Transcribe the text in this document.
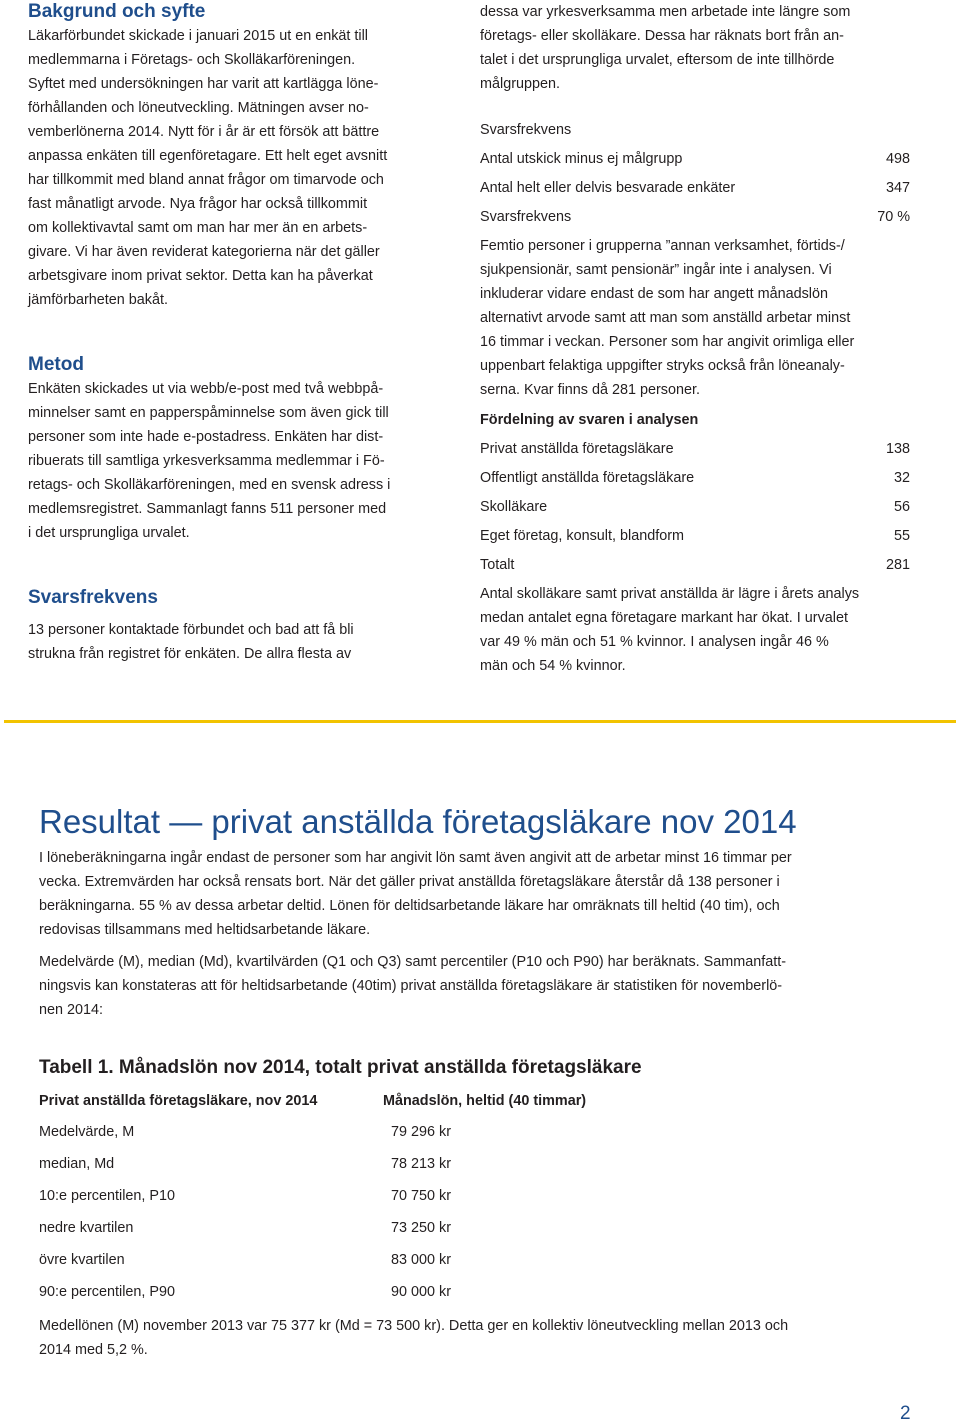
Bakgrund och syfte

Läkarförbundet skickade i januari 2015 ut en enkät till

medlemmarna i Företags- och Skolläkarföreningen.

Syftet med undersökningen har varit att kartlägga löne-

förhållanden och löneutveckling. Mätningen avser no-

vemberlönerna 2014. Nytt för i år är ett försök att bättre

anpassa enkäten till egenföretagare. Ett helt eget avsnitt

har tillkommit med bland annat frågor om timarvode och

fast månatligt arvode. Nya frågor har också tillkommit

om kollektivavtal samt om man har mer än en arbets-

givare. Vi har även reviderat kategorierna när det gäller

arbetsgivare inom privat sektor. Detta kan ha påverkat

jämförbarheten bakåt.

Metod

Enkäten skickades ut via webb/e-post med två webbpå-

minnelser samt en papperspåminnelse som även gick till

personer som inte hade e-postadress. Enkäten har dist-

ribuerats till samtliga yrkesverksamma medlemmar i Fö-

retags- och Skolläkarföreningen, med en svensk adress i

medlemsregistret. Sammanlagt fanns 511 personer med

i det ursprungliga urvalet.

Svarsfrekvens

13 personer kontaktade förbundet och bad att få bli

strukna från registret för enkäten. De allra flesta av

dessa var yrkesverksamma men arbetade inte längre som

företags- eller skolläkare. Dessa har räknats bort från an-

talet i det ursprungliga urvalet, eftersom de inte tillhörde

målgruppen.

Svarsfrekvens

Antal utskick minus ej målgrupp	498
Antal helt eller delvis besvarade enkäter	347
Svarsfrekvens	70 %

Femtio personer i grupperna ”annan verksamhet, förtids-/

sjukpensionär, samt pensionär” ingår inte i analysen. Vi

inkluderar vidare endast de som har angett månadslön

alternativt arvode samt att man som anställd arbetar minst

16 timmar i veckan. Personer som har angivit orimliga eller

uppenbart felaktiga uppgifter stryks också från löneanaly-

serna. Kvar finns då 281 personer.

Fördelning av svaren i analysen

Privat anställda företagsläkare	138
Offentligt anställda företagsläkare	32
Skolläkare	56
Eget företag, konsult, blandform	55
Totalt	281

Antal skolläkare samt privat anställda är lägre i årets analys

medan antalet egna företagare markant har ökat. I urvalet

var 49 % män och 51 % kvinnor. I analysen ingår 46 %

män och 54 % kvinnor.

Resultat — privat anställda företagsläkare nov 2014

I löneberäkningarna ingår endast de personer som har angivit lön samt även angivit att de arbetar minst 16 timmar per

vecka. Extremvärden har också rensats bort. När det gäller privat anställda företagsläkare återstår då 138 personer i

beräkningarna. 55 % av dessa arbetar deltid. Lönen för deltidsarbetande läkare har omräknats till heltid (40 tim), och

redovisas tillsammans med heltidsarbetande läkare.

Medelvärde (M), median (Md), kvartilvärden (Q1 och Q3) samt percentiler (P10 och P90) har beräknats. Sammanfatt-

ningsvis kan konstateras att för heltidsarbetande (40tim) privat anställda företagsläkare är statistiken för novemberlö-

nen 2014:

Tabell 1. Månadslön nov 2014, totalt privat anställda företagsläkare
Privat anställda företagsläkare, nov 2014	Månadslön, heltid (40 timmar)
Medelvärde, M	79 296 kr
median, Md	78 213 kr
10:e percentilen, P10	70 750 kr
nedre kvartilen	73 250 kr
övre kvartilen	83 000 kr
90:e percentilen, P90	90 000 kr

Medellönen (M) november 2013 var 75 377 kr (Md = 73 500 kr). Detta ger en kollektiv löneutveckling mellan 2013 och

2014 med 5,2 %.

2
